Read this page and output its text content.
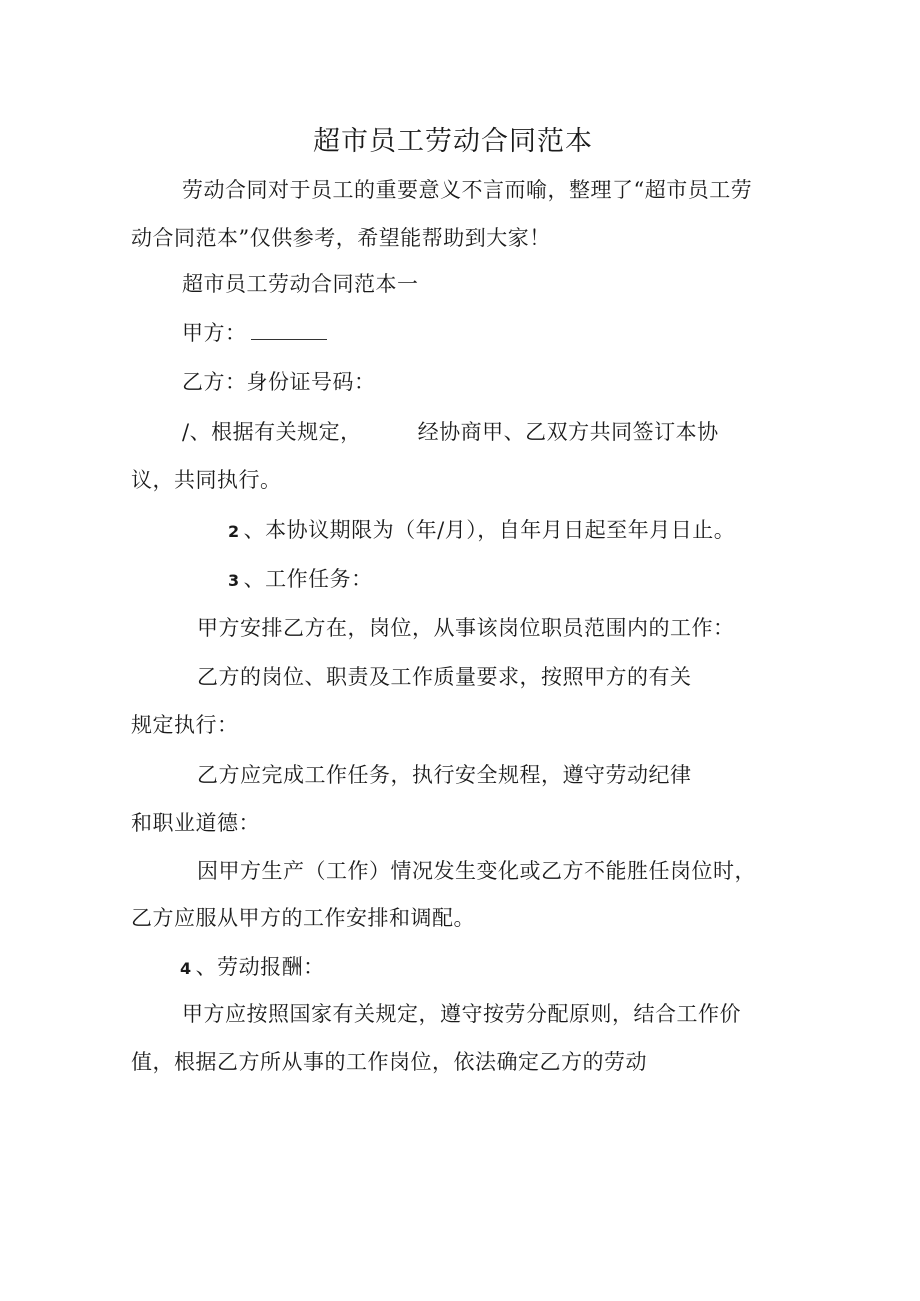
超市员工劳动合同范本
劳动合同对于员工的重要意义不言而喻，整理了“超市员工劳
动合同范本”仅供参考，希望能帮助到大家！
超市员工劳动合同范本一
甲方：
乙方：身份证号码：
/、根据有关规定，	经协商甲、乙双方共同签订本协
议，共同执行。
2 、本协议期限为（年/月），自年月日起至年月日止。
3 、工作任务：
甲方安排乙方在，岗位，从事该岗位职员范围内的工作：
乙方的岗位、职责及工作质量要求，按照甲方的有关
规定执行：
乙方应完成工作任务，执行安全规程，遵守劳动纪律
和职业道德：
因甲方生产（工作）情况发生变化或乙方不能胜任岗位时，
乙方应服从甲方的工作安排和调配。
4 、劳动报酬：
甲方应按照国家有关规定，遵守按劳分配原则，结合工作价
值，根据乙方所从事的工作岗位，依法确定乙方的劳动
